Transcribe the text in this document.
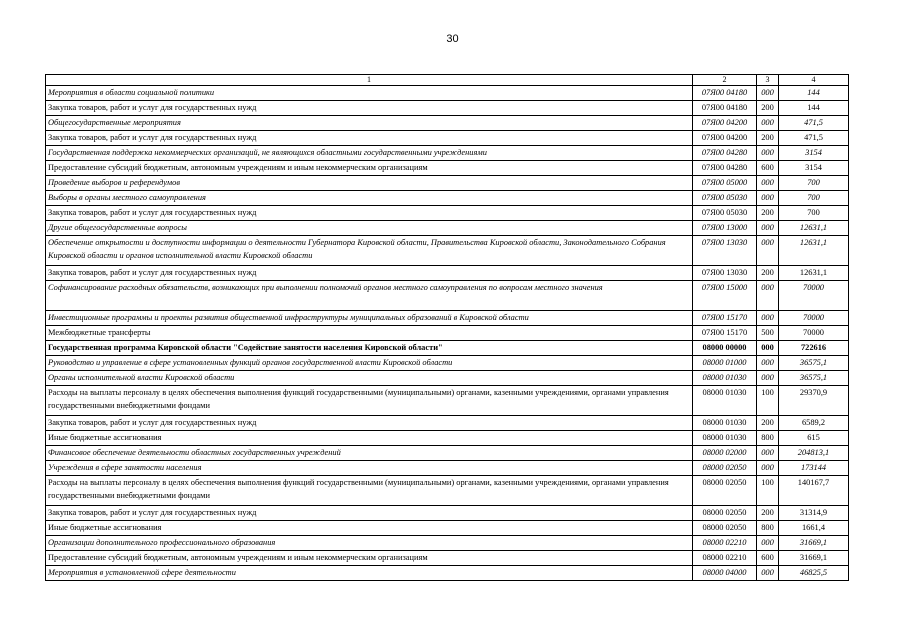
30
1	2	3	4
Мероприятия в области социальной политики	07Я00 04180	000	144
Закупка товаров, работ и услуг для государственных нужд	07Я00 04180	200	144
Общегосударственные мероприятия	07Я00 04200	000	471,5
Закупка товаров, работ и услуг для государственных нужд	07Я00 04200	200	471,5
Государственная поддержка некоммерческих организаций, не являющихся областными государственными учреждениями	07Я00 04280	000	3154
Предоставление субсидий бюджетным, автономным учреждениям и иным некоммерческим организациям	07Я00 04280	600	3154
Проведение выборов и референдумов	07Я00 05000	000	700
Выборы в органы местного самоуправления	07Я00 05030	000	700
Закупка товаров, работ и услуг для государственных нужд	07Я00 05030	200	700
Другие общегосударственные вопросы	07Я00 13000	000	12631,1
Обеспечение открытости и доступности информации о деятельности Губернатора Кировской области, Правительства Кировской области, Законодательного Собрания Кировской области и органов исполнительной власти Кировской области	07Я00 13030	000	12631,1
Закупка товаров, работ и услуг для государственных нужд	07Я00 13030	200	12631,1
Софинансирование расходных обязательств, возникающих при выполнении полномочий органов местного самоуправления по вопросам местного значения	07Я00 15000	000	70000
Инвестиционные программы и проекты развития общественной инфраструктуры муниципальных образований в Кировской области	07Я00 15170	000	70000
Межбюджетные трансферты	07Я00 15170	500	70000
Государственная программа Кировской области "Содействие занятости населения Кировской области"	08000 00000	000	722616
Руководство и управление в сфере установленных функций органов государственной власти Кировской области	08000 01000	000	36575,1
Органы исполнительной власти Кировской области	08000 01030	000	36575,1
Расходы на выплаты персоналу в целях обеспечения выполнения функций государственными (муниципальными) органами, казенными учреждениями, органами управления государственными внебюджетными фондами	08000 01030	100	29370,9
Закупка товаров, работ и услуг для государственных нужд	08000 01030	200	6589,2
Иные бюджетные ассигнования	08000 01030	800	615
Финансовое обеспечение деятельности областных государственных учреждений	08000 02000	000	204813,1
Учреждения в сфере занятости населения	08000 02050	000	173144
Расходы на выплаты персоналу в целях обеспечения выполнения функций государственными (муниципальными) органами, казенными учреждениями, органами управления государственными внебюджетными фондами	08000 02050	100	140167,7
Закупка товаров, работ и услуг для государственных нужд	08000 02050	200	31314,9
Иные бюджетные ассигнования	08000 02050	800	1661,4
Организации дополнительного профессионального образования	08000 02210	000	31669,1
Предоставление субсидий бюджетным, автономным учреждениям и иным некоммерческим организациям	08000 02210	600	31669,1
Мероприятия в установленной сфере деятельности	08000 04000	000	46825,5
